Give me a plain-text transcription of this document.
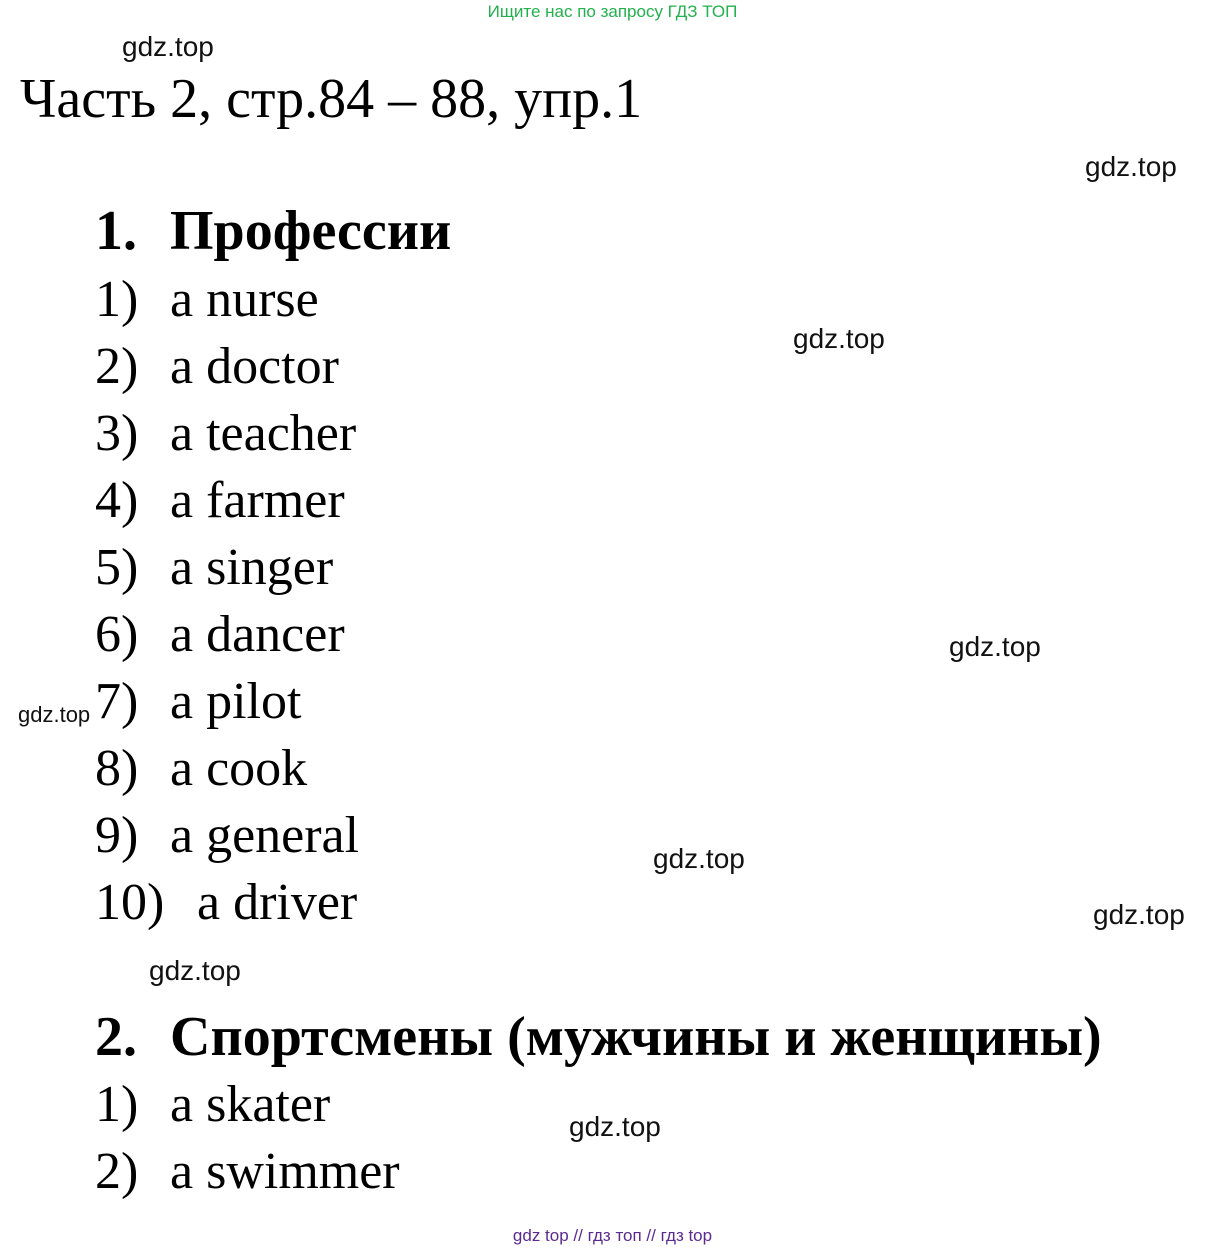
Ищите нас по запросу ГДЗ ТОП
Часть 2, стр.84 – 88, упр.1
1. Профессии
1) a nurse
2) a doctor
3) a teacher
4) a farmer
5) a singer
6) a dancer
7) a pilot
8) a cook
9) a general
10) a driver
2. Спортсмены (мужчины и женщины)
1) a skater
2) a swimmer
gdz.top
gdz.top
gdz.top
gdz.top
gdz.top
gdz.top
gdz.top
gdz.top
gdz.top
gdz top // гдз топ // гдз top
